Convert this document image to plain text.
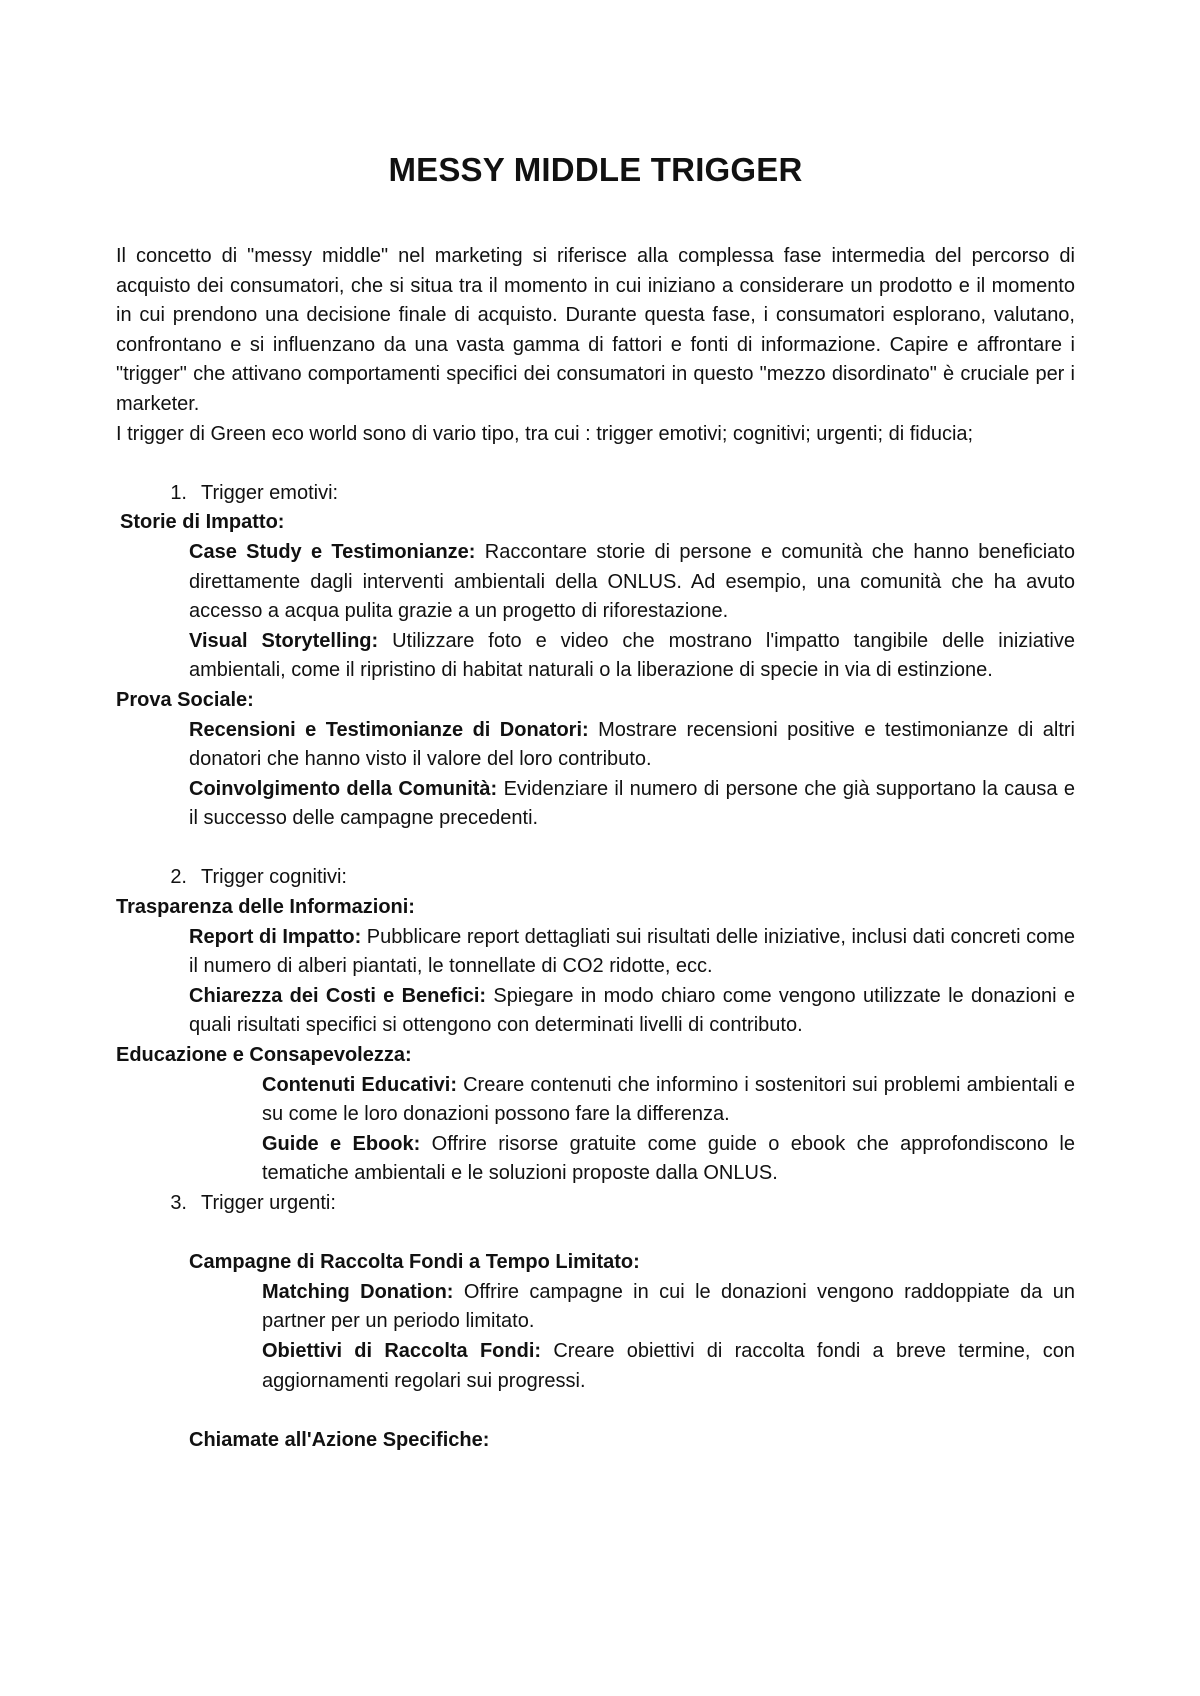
MESSY MIDDLE TRIGGER

Il concetto di "messy middle" nel marketing si riferisce alla complessa fase intermedia del percorso di acquisto dei consumatori, che si situa tra il momento in cui iniziano a considerare un prodotto e il momento in cui prendono una decisione finale di acquisto. Durante questa fase, i consumatori esplorano, valutano, confrontano e si influenzano da una vasta gamma di fattori e fonti di informazione. Capire e affrontare i "trigger" che attivano comportamenti specifici dei consumatori in questo "mezzo disordinato" è cruciale per i marketer.

I trigger di Green eco world sono di vario tipo, tra cui : trigger emotivi; cognitivi; urgenti; di fiducia;

1. Trigger emotivi:

Storie di Impatto:

Case Study e Testimonianze: Raccontare storie di persone e comunità che hanno beneficiato direttamente dagli interventi ambientali della ONLUS. Ad esempio, una comunità che ha avuto accesso a acqua pulita grazie a un progetto di riforestazione.

Visual Storytelling: Utilizzare foto e video che mostrano l'impatto tangibile delle iniziative ambientali, come il ripristino di habitat naturali o la liberazione di specie in via di estinzione.

Prova Sociale:

Recensioni e Testimonianze di Donatori: Mostrare recensioni positive e testimonianze di altri donatori che hanno visto il valore del loro contributo.

Coinvolgimento della Comunità: Evidenziare il numero di persone che già supportano la causa e il successo delle campagne precedenti.

2. Trigger cognitivi:

Trasparenza delle Informazioni:

Report di Impatto: Pubblicare report dettagliati sui risultati delle iniziative, inclusi dati concreti come il numero di alberi piantati, le tonnellate di CO2 ridotte, ecc.

Chiarezza dei Costi e Benefici: Spiegare in modo chiaro come vengono utilizzate le donazioni e quali risultati specifici si ottengono con determinati livelli di contributo.

Educazione e Consapevolezza:

Contenuti Educativi: Creare contenuti che informino i sostenitori sui problemi ambientali e su come le loro donazioni possono fare la differenza.

Guide e Ebook: Offrire risorse gratuite come guide o ebook che approfondiscono le tematiche ambientali e le soluzioni proposte dalla ONLUS.

3. Trigger urgenti:

Campagne di Raccolta Fondi a Tempo Limitato:

Matching Donation: Offrire campagne in cui le donazioni vengono raddoppiate da un partner per un periodo limitato.

Obiettivi di Raccolta Fondi: Creare obiettivi di raccolta fondi a breve termine, con aggiornamenti regolari sui progressi.

Chiamate all'Azione Specifiche:
